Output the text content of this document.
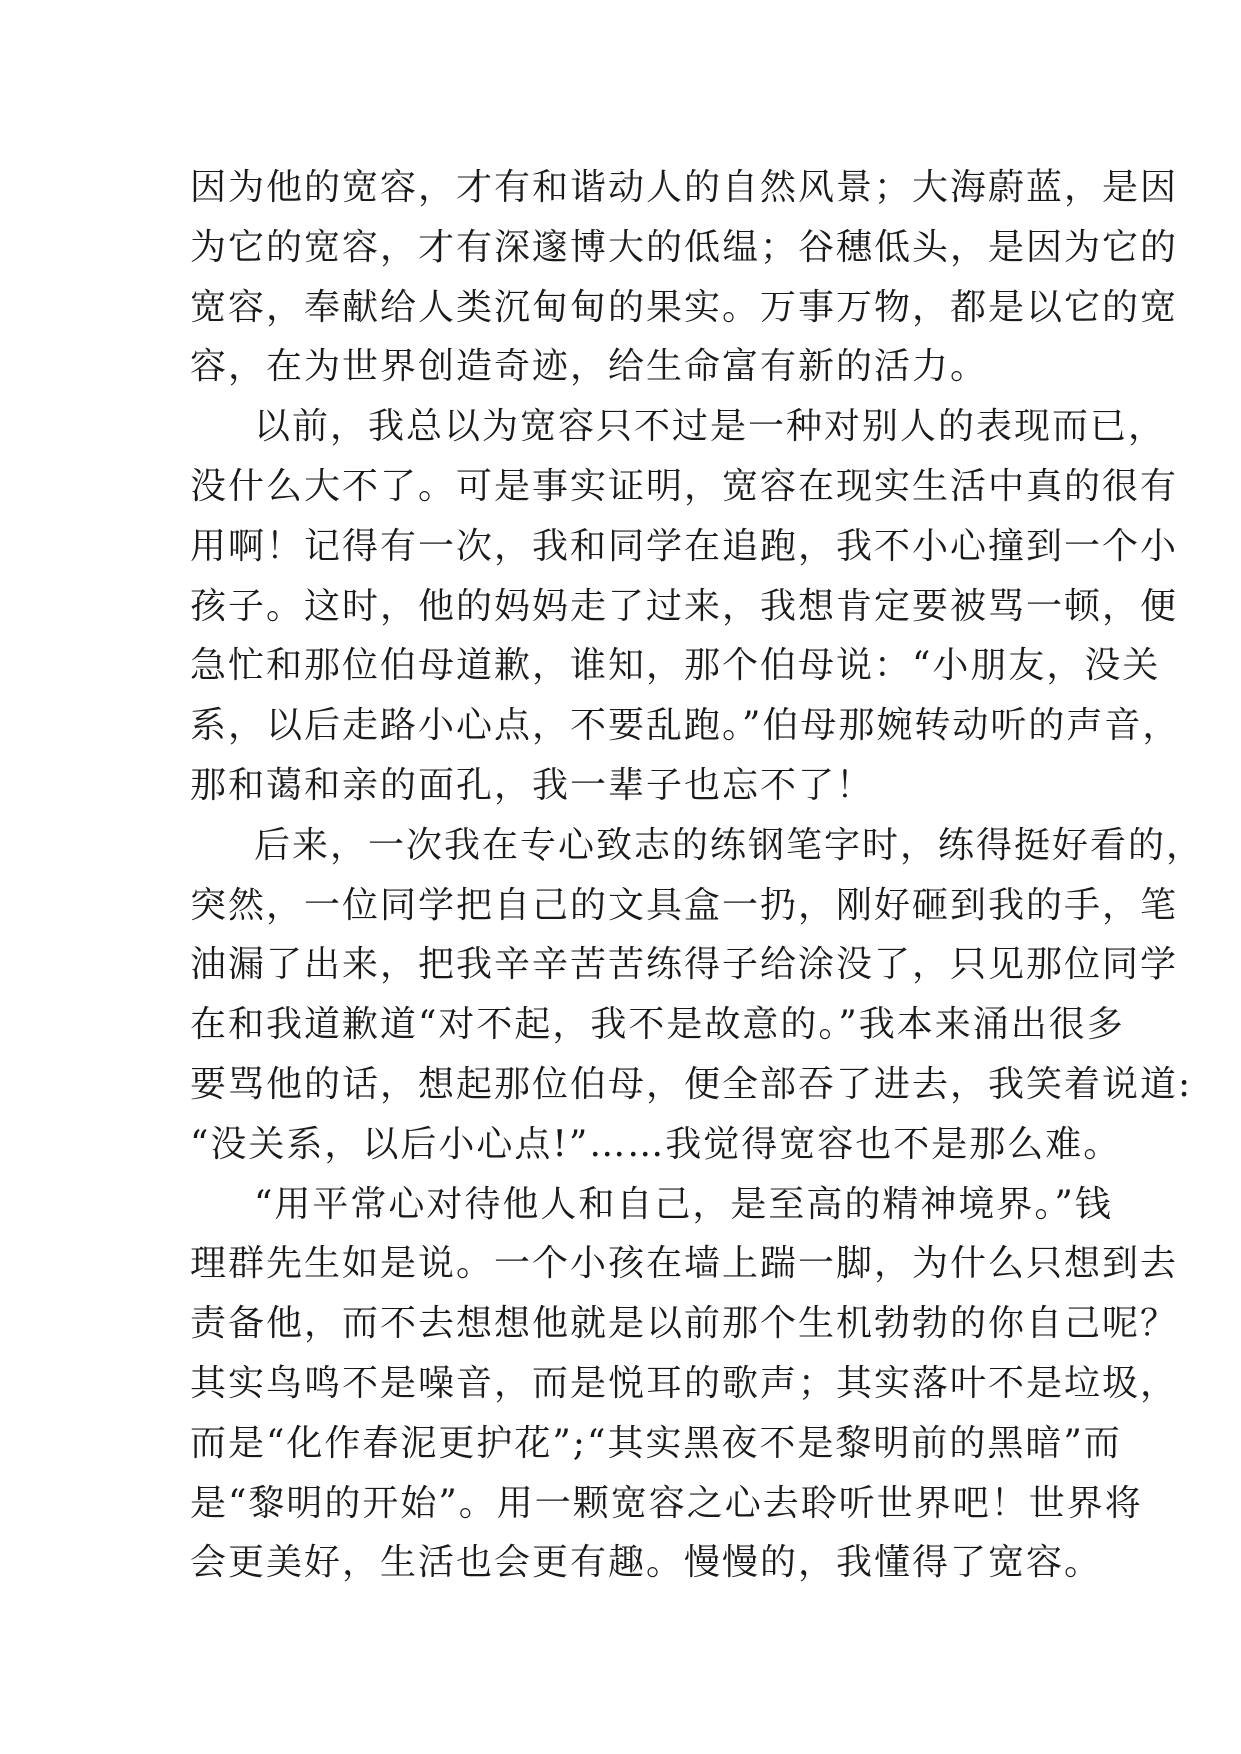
因为他的宽容，才有和谐动人的自然风景；大海蔚蓝，是因
为它的宽容，才有深邃博大的低缊；谷穗低头，是因为它的
宽容，奉献给人类沉甸甸的果实。万事万物，都是以它的宽
容，在为世界创造奇迹，给生命富有新的活力。
以前，我总以为宽容只不过是一种对别人的表现而已，
没什么大不了。可是事实证明，宽容在现实生活中真的很有
用啊！记得有一次，我和同学在追跑，我不小心撞到一个小
孩子。这时，他的妈妈走了过来，我想肯定要被骂一顿，便
急忙和那位伯母道歉，谁知，那个伯母说：“小朋友，没关
系，以后走路小心点，不要乱跑。”伯母那婉转动听的声音，
那和蔼和亲的面孔，我一辈子也忘不了！
后来，一次我在专心致志的练钢笔字时，练得挺好看的，
突然，一位同学把自己的文具盒一扔，刚好砸到我的手，笔
油漏了出来，把我辛辛苦苦练得子给涂没了，只见那位同学
在和我道歉道“对不起，我不是故意的。”我本来涌出很多
要骂他的话，想起那位伯母，便全部吞了进去，我笑着说道:
“没关系，以后小心点!”……我觉得宽容也不是那么难。
“用平常心对待他人和自己，是至高的精神境界。”钱
理群先生如是说。一个小孩在墙上踹一脚，为什么只想到去
责备他，而不去想想他就是以前那个生机勃勃的你自己呢？
其实鸟鸣不是噪音，而是悦耳的歌声；其实落叶不是垃圾，
而是“化作春泥更护花”;“其实黑夜不是黎明前的黑暗”而
是“黎明的开始”。用一颗宽容之心去聆听世界吧！世界将
会更美好，生活也会更有趣。慢慢的，我懂得了宽容。
